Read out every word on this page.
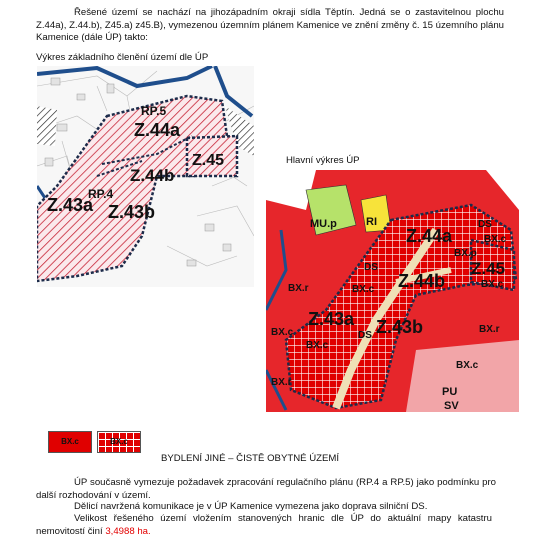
Řešené území se nachází na jihozápadním okraji sídla Těptín. Jedná se o zastavitelnou plochu Z.44a), Z.44.b), Z45.a) z45.B), vymezenou územním plánem Kamenice ve znění změny č. 15 územního plánu Kamenice (dále ÚP) takto:
Výkres základního členění území dle ÚP
RP.5
Z.44a
Z.45
Z.44b
RP.4
Z.43a Z.43b
Hlavní výkres ÚP
MU.p	RI
Z.44a
DS
BX.c
BX.p
Z.45
BX.c
DS
BX.r	BX.c Z.44b
BX.c
Z.43a
DS Z.43b	BX.r
BX.c
BX.r
BX.c
PU
SV
BX.c	BX.c
BYDLENÍ JINÉ – ČISTĚ OBYTNÉ ÚZEMÍ
ÚP současně vymezuje požadavek zpracování regulačního plánu (RP.4 a RP.5) jako podmínku pro další rozhodování v území.
Dělicí navržená komunikace je v ÚP Kamenice vymezena jako doprava silniční DS.
Velikost řešeného území vložením stanovených hranic dle ÚP do aktuální mapy katastru nemovitostí činí 3,4988 ha.
